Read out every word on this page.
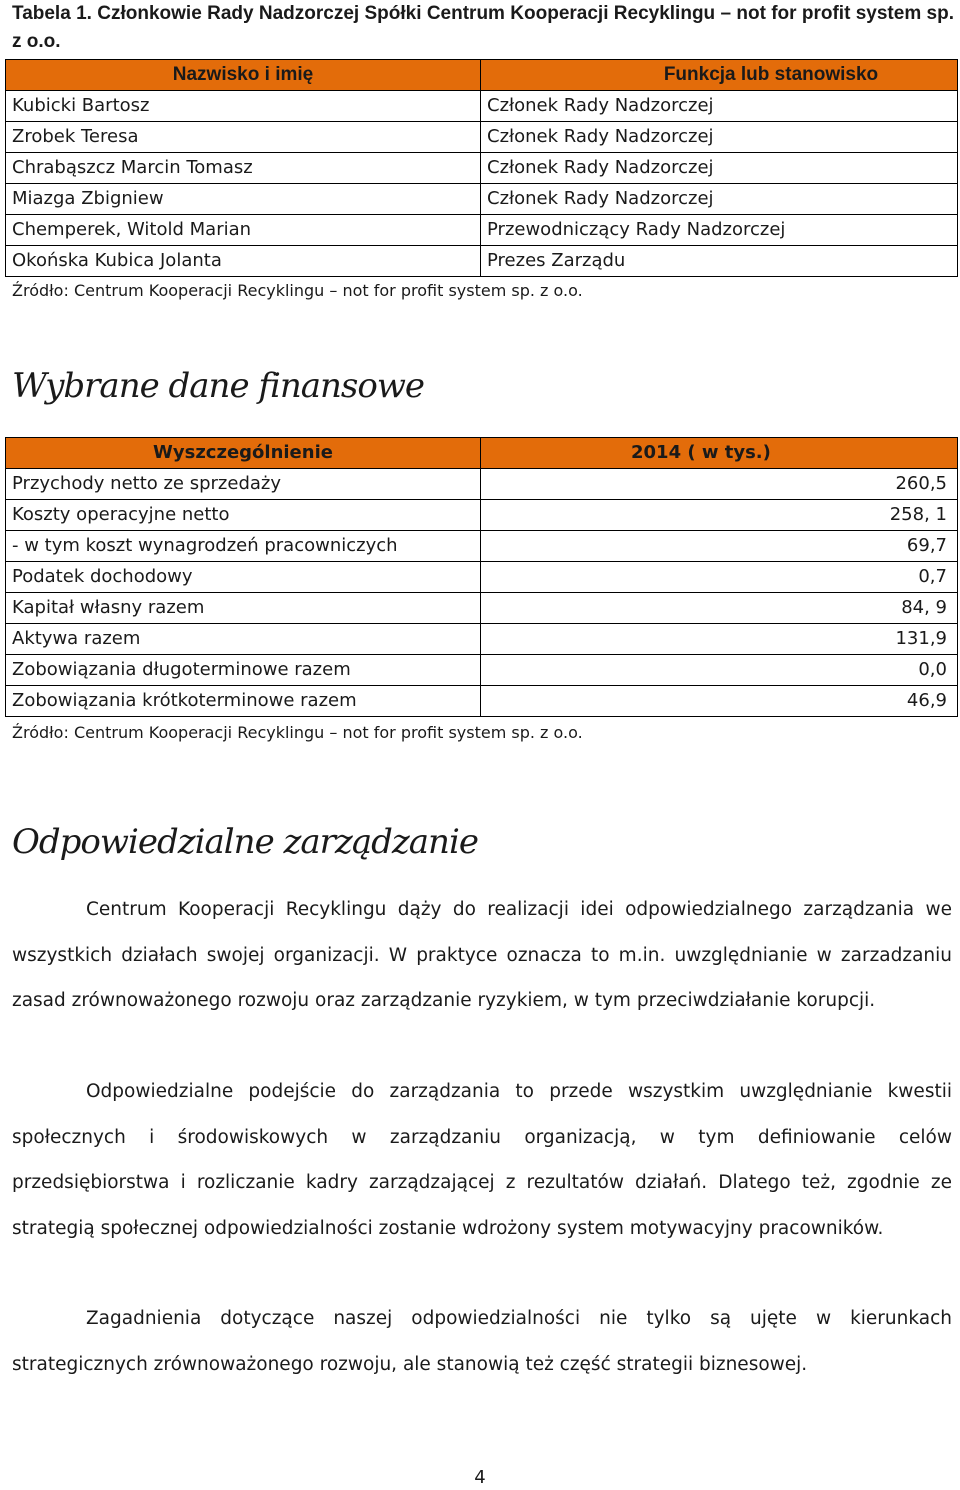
Tabela 1. Członkowie Rady Nadzorczej Spółki Centrum Kooperacji Recyklingu – not for profit system sp. z o.o.
Nazwisko i imię	Funkcja lub stanowisko
Kubicki Bartosz	Członek Rady Nadzorczej
Zrobek Teresa	Członek Rady Nadzorczej
Chrabąszcz Marcin Tomasz	Członek Rady Nadzorczej
Miazga Zbigniew	Członek Rady Nadzorczej
Chemperek, Witold Marian	Przewodniczący Rady Nadzorczej
Okońska Kubica Jolanta	Prezes Zarządu
Źródło: Centrum Kooperacji Recyklingu – not for profit system sp. z o.o.
Wybrane dane finansowe
Wyszczególnienie	2014 ( w tys.)
Przychody netto ze sprzedaży	260,5
Koszty operacyjne netto	258, 1
- w tym koszt wynagrodzeń pracowniczych	69,7
Podatek dochodowy	0,7
Kapitał własny razem	84, 9
Aktywa razem	131,9
Zobowiązania długoterminowe razem	0,0
Zobowiązania krótkoterminowe razem	46,9
Źródło: Centrum Kooperacji Recyklingu – not for profit system sp. z o.o.
Odpowiedzialne zarządzanie

Centrum Kooperacji Recyklingu dąży do realizacji idei odpowiedzialnego zarządzania we wszystkich działach swojej organizacji. W praktyce oznacza to m.in. uwzględnianie w zarzadzaniu zasad zrównoważonego rozwoju oraz zarządzanie ryzykiem, w tym przeciwdziałanie korupcji.

Odpowiedzialne podejście do zarządzania to przede wszystkim uwzględnianie kwestii społecznych i środowiskowych w zarządzaniu organizacją, w tym definiowanie celów przedsiębiorstwa i rozliczanie kadry zarządzającej z rezultatów działań. Dlatego też, zgodnie ze strategią społecznej odpowiedzialności zostanie wdrożony system motywacyjny pracowników.

Zagadnienia dotyczące naszej odpowiedzialności nie tylko są ujęte w kierunkach strategicznych zrównoważonego rozwoju, ale stanowią też część strategii biznesowej.

4
